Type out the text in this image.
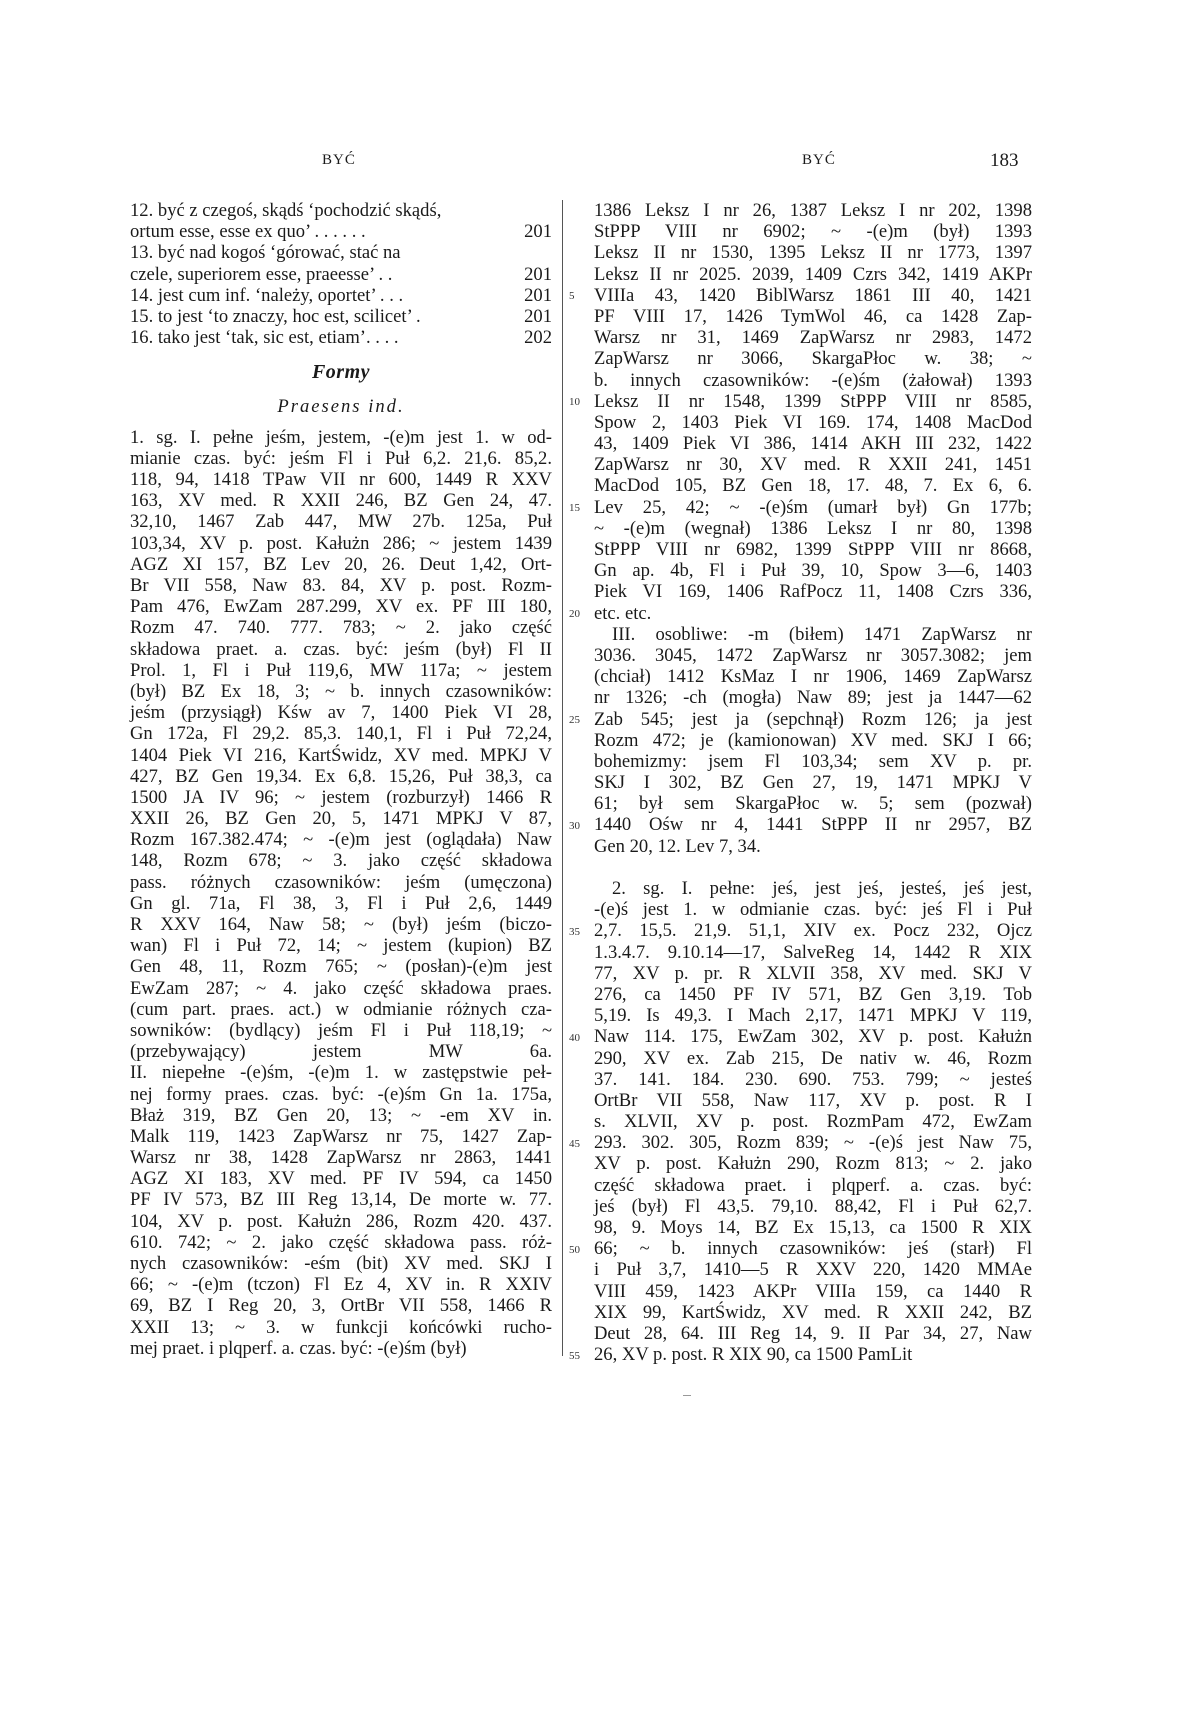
BYĆ	BYĆ	183
12. być z czegoś, skądś ‘pochodzić skądś,
ortum esse, esse ex quo’ . . . . . .	201
13. być nad kogoś ‘górować, stać na
czele, superiorem esse, praeesse’ . .	201
14. jest cum inf. ‘należy, oportet’ . . .	201
15. to jest ‘to znaczy, hoc est, scilicet’ .	201
16. tako jest ‘tak, sic est, etiam’. . . .	202
Formy
Praesens ind.
1. sg. I. pełne jeśm, jestem, -(e)m jest 1. w od-
mianie czas. być: jeśm Fl i Puł 6,2. 21,6. 85,2.
118, 94, 1418 TPaw VII nr 600, 1449 R XXV
163, XV med. R XXII 246, BZ Gen 24, 47.
32,10, 1467 Zab 447, MW 27b. 125a, Puł
103,34, XV p. post. Kałużn 286; ~ jestem 1439
AGZ XI 157, BZ Lev 20, 26. Deut 1,42, Ort-
Br VII 558, Naw 83. 84, XV p. post. Rozm-
Pam 476, EwZam 287.299, XV ex. PF III 180,
Rozm 47. 740. 777. 783; ~ 2. jako część
składowa praet. a. czas. być: jeśm (był) Fl II
Prol. 1, Fl i Puł 119,6, MW 117a; ~ jestem
(był) BZ Ex 18, 3; ~ b. innych czasowników:
jeśm (przysiągł) Kśw av 7, 1400 Piek VI 28,
Gn 172a, Fl 29,2. 85,3. 140,1, Fl i Puł 72,24,
1404 Piek VI 216, KartŚwidz, XV med. MPKJ V
427, BZ Gen 19,34. Ex 6,8. 15,26, Puł 38,3, ca
1500 JA IV 96; ~ jestem (rozburzył) 1466 R
XXII 26, BZ Gen 20, 5, 1471 MPKJ V 87,
Rozm 167.382.474; ~ -(e)m jest (oglądała) Naw
148, Rozm 678; ~ 3. jako część składowa
pass. różnych czasowników: jeśm (umęczona)
Gn gl. 71a, Fl 38, 3, Fl i Puł 2,6, 1449
R XXV 164, Naw 58; ~ (był) jeśm (biczo-
wan) Fl i Puł 72, 14; ~ jestem (kupion) BZ
Gen 48, 11, Rozm 765; ~ (posłan)-(e)m jest
EwZam 287; ~ 4. jako część składowa praes.
(cum part. praes. act.) w odmianie różnych cza-
sowników: (bydlący) jeśm Fl i Puł 118,19; ~
(przebywający) jestem MW 6a.
II. niepełne -(e)śm, -(e)m 1. w zastępstwie peł-
nej formy praes. czas. być: -(e)śm Gn 1a. 175a,
Błaż 319, BZ Gen 20, 13; ~ -em XV in.
Malk 119, 1423 ZapWarsz nr 75, 1427 Zap-
Warsz nr 38, 1428 ZapWarsz nr 2863, 1441
AGZ XI 183, XV med. PF IV 594, ca 1450
PF IV 573, BZ III Reg 13,14, De morte w. 77.
104, XV p. post. Kałużn 286, Rozm 420. 437.
610. 742; ~ 2. jako część składowa pass. róż-
nych czasowników: -eśm (bit) XV med. SKJ I
66; ~ -(e)m (tczon) Fl Ez 4, XV in. R XXIV
69, BZ I Reg 20, 3, OrtBr VII 558, 1466 R
XXII 13; ~ 3. w funkcji końcówki rucho-
mej praet. i plqperf. a. czas. być: -(e)śm (był)
5
10
15
20
25
30
35
40
45
50
55
1386 Leksz I nr 26, 1387 Leksz I nr 202, 1398
StPPP VIII nr 6902; ~ -(e)m (był) 1393
Leksz II nr 1530, 1395 Leksz II nr 1773, 1397
Leksz II nr 2025. 2039, 1409 Czrs 342, 1419 AKPr
VIIIa 43, 1420 BiblWarsz 1861 III 40, 1421
PF VIII 17, 1426 TymWol 46, ca 1428 Zap-
Warsz nr 31, 1469 ZapWarsz nr 2983, 1472
ZapWarsz nr 3066, SkargaPłoc w. 38; ~
b. innych czasowników: -(e)śm (żałował) 1393
Leksz II nr 1548, 1399 StPPP VIII nr 8585,
Spow 2, 1403 Piek VI 169. 174, 1408 MacDod
43, 1409 Piek VI 386, 1414 AKH III 232, 1422
ZapWarsz nr 30, XV med. R XXII 241, 1451
MacDod 105, BZ Gen 18, 17. 48, 7. Ex 6, 6.
Lev 25, 42; ~ -(e)śm (umarł był) Gn 177b;
~ -(e)m (wegnał) 1386 Leksz I nr 80, 1398
StPPP VIII nr 6982, 1399 StPPP VIII nr 8668,
Gn ap. 4b, Fl i Puł 39, 10, Spow 3—6, 1403
Piek VI 169, 1406 RafPocz 11, 1408 Czrs 336,
etc. etc.
III. osobliwe: -m (biłem) 1471 ZapWarsz nr
3036. 3045, 1472 ZapWarsz nr 3057.3082; jem
(chciał) 1412 KsMaz I nr 1906, 1469 ZapWarsz
nr 1326; -ch (mogła) Naw 89; jest ja 1447—62
Zab 545; jest ja (sepchnął) Rozm 126; ja jest
Rozm 472; je (kamionowan) XV med. SKJ I 66;
bohemizmy: jsem Fl 103,34; sem XV p. pr.
SKJ I 302, BZ Gen 27, 19, 1471 MPKJ V
61; był sem SkargaPłoc w. 5; sem (pozwał)
1440 Ośw nr 4, 1441 StPPP II nr 2957, BZ
Gen 20, 12. Lev 7, 34.
2. sg. I. pełne: jeś, jest jeś, jesteś, jeś jest,
-(e)ś jest 1. w odmianie czas. być: jeś Fl i Puł
2,7. 15,5. 21,9. 51,1, XIV ex. Pocz 232, Ojcz
1.3.4.7. 9.10.14—17, SalveReg 14, 1442 R XIX
77, XV p. pr. R XLVII 358, XV med. SKJ V
276, ca 1450 PF IV 571, BZ Gen 3,19. Tob
5,19. Is 49,3. I Mach 2,17, 1471 MPKJ V 119,
Naw 114. 175, EwZam 302, XV p. post. Kałużn
290, XV ex. Zab 215, De nativ w. 46, Rozm
37. 141. 184. 230. 690. 753. 799; ~ jesteś
OrtBr VII 558, Naw 117, XV p. post. R I
s. XLVII, XV p. post. RozmPam 472, EwZam
293. 302. 305, Rozm 839; ~ -(e)ś jest Naw 75,
XV p. post. Kałużn 290, Rozm 813; ~ 2. jako
część składowa praet. i plqperf. a. czas. być:
jeś (był) Fl 43,5. 79,10. 88,42, Fl i Puł 62,7.
98, 9. Moys 14, BZ Ex 15,13, ca 1500 R XIX
66; ~ b. innych czasowników: jeś (starł) Fl
i Puł 3,7, 1410—5 R XXV 220, 1420 MMAe
VIII 459, 1423 AKPr VIIIa 159, ca 1440 R
XIX 99, KartŚwidz, XV med. R XXII 242, BZ
Deut 28, 64. III Reg 14, 9. II Par 34, 27, Naw
26, XV p. post. R XIX 90, ca 1500 PamLit
